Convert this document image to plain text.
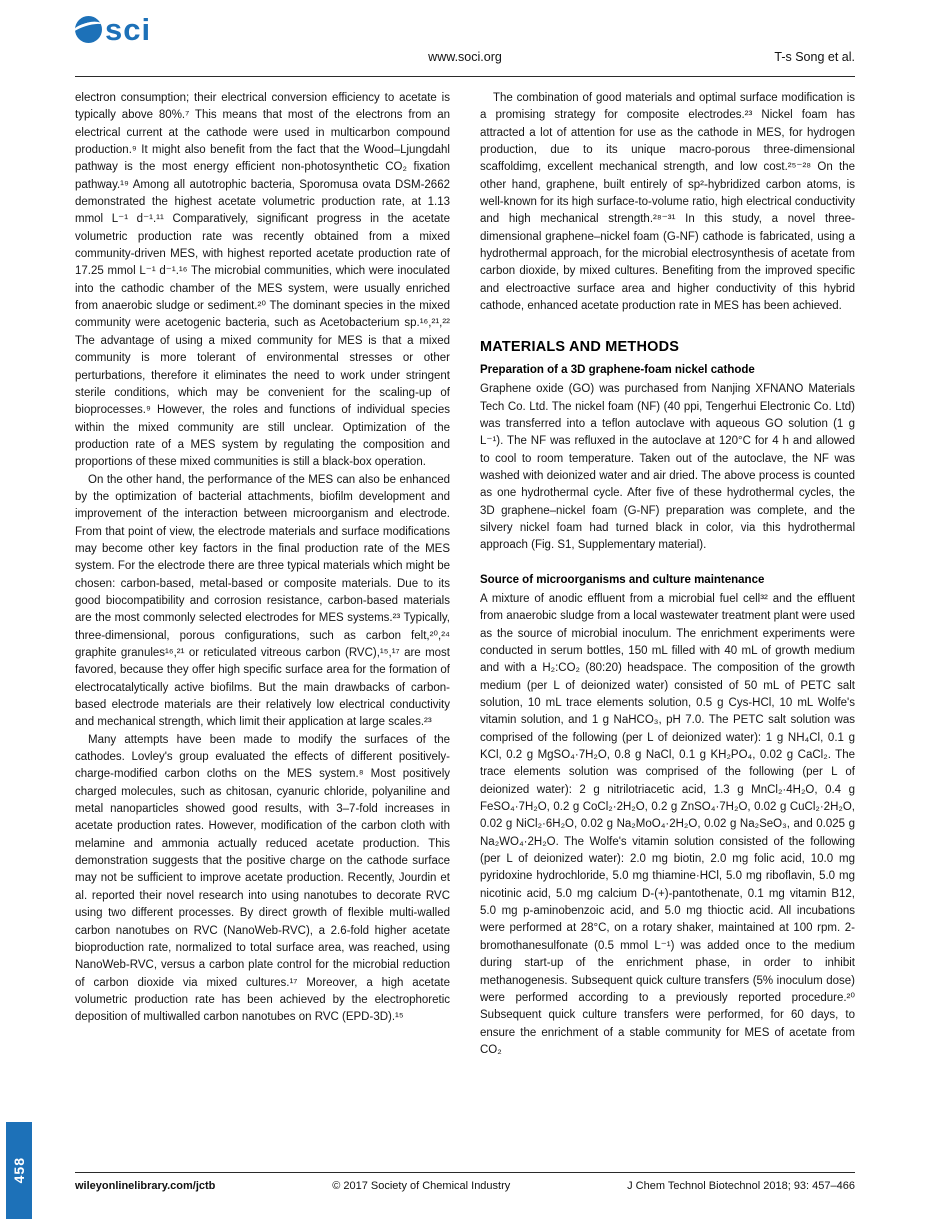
sci
www.soci.org	T-s Song et al.

electron consumption; their electrical conversion efficiency to acetate is typically above 80%.⁷ This means that most of the electrons from an electrical current at the cathode were used in multicarbon compound production.⁹ It might also benefit from the fact that the Wood–Ljungdahl pathway is the most energy efficient non-photosynthetic CO₂ fixation pathway.¹⁹ Among all autotrophic bacteria, Sporomusa ovata DSM-2662 demonstrated the highest acetate volumetric production rate, at 1.13 mmol L⁻¹ d⁻¹.¹¹ Comparatively, significant progress in the acetate volumetric production rate was recently obtained from a mixed community-driven MES, with highest reported acetate production rate of 17.25 mmol L⁻¹ d⁻¹.¹⁶ The microbial communities, which were inoculated into the cathodic chamber of the MES system, were usually enriched from anaerobic sludge or sediment.²⁰ The dominant species in the mixed community were acetogenic bacteria, such as Acetobacterium sp.¹⁶,²¹,²² The advantage of using a mixed community for MES is that a mixed community is more tolerant of environmental stresses or other perturbations, therefore it eliminates the need to work under stringent sterile conditions, which may be convenient for the scaling-up of bioprocesses.⁹ However, the roles and functions of individual species within the mixed community are still unclear. Optimization of the production rate of a MES system by regulating the composition and proportions of these mixed communities is still a black-box operation.

On the other hand, the performance of the MES can also be enhanced by the optimization of bacterial attachments, biofilm development and improvement of the interaction between microorganism and electrode. From that point of view, the electrode materials and surface modifications may become other key factors in the final production rate of the MES system. For the electrode there are three typical materials which might be chosen: carbon-based, metal-based or composite materials. Due to its good biocompatibility and corrosion resistance, carbon-based materials are the most commonly selected electrodes for MES systems.²³ Typically, three-dimensional, porous configurations, such as carbon felt,²⁰,²⁴ graphite granules¹⁶,²¹ or reticulated vitreous carbon (RVC),¹⁵,¹⁷ are most favored, because they offer high specific surface area for the formation of electrocatalytically active biofilms. But the main drawbacks of carbon-based electrode materials are their relatively low electrical conductivity and mechanical strength, which limit their application at large scales.²³

Many attempts have been made to modify the surfaces of the cathodes. Lovley's group evaluated the effects of different positively-charge-modified carbon cloths on the MES system.⁸ Most positively charged molecules, such as chitosan, cyanuric chloride, polyaniline and metal nanoparticles showed good results, with 3–7-fold increases in acetate production rates. However, modification of the carbon cloth with melamine and ammonia actually reduced acetate production. This demonstration suggests that the positive charge on the cathode surface may not be sufficient to improve acetate production. Recently, Jourdin et al. reported their novel research into using nanotubes to decorate RVC using two different processes. By direct growth of flexible multi-walled carbon nanotubes on RVC (NanoWeb-RVC), a 2.6-fold higher acetate bioproduction rate, normalized to total surface area, was reached, using NanoWeb-RVC, versus a carbon plate control for the microbial reduction of carbon dioxide via mixed cultures.¹⁷ Moreover, a high acetate volumetric production rate has been achieved by the electrophoretic deposition of multiwalled carbon nanotubes on RVC (EPD-3D).¹⁵

The combination of good materials and optimal surface modification is a promising strategy for composite electrodes.²³ Nickel foam has attracted a lot of attention for use as the cathode in MES, for hydrogen production, due to its unique macro-porous three-dimensional scaffoldimg, excellent mechanical strength, and low cost.²⁵⁻²⁸ On the other hand, graphene, built entirely of sp²-hybridized carbon atoms, is well-known for its high surface-to-volume ratio, high electrical conductivity and high mechanical strength.²⁸⁻³¹ In this study, a novel three-dimensional graphene–nickel foam (G-NF) cathode is fabricated, using a hydrothermal approach, for the microbial electrosynthesis of acetate from carbon dioxide, by mixed cultures. Benefiting from the improved specific and electroactive surface area and higher conductivity of this hybrid cathode, enhanced acetate production rate in MES has been achieved.

MATERIALS AND METHODS
Preparation of a 3D graphene-foam nickel cathode

Graphene oxide (GO) was purchased from Nanjing XFNANO Materials Tech Co. Ltd. The nickel foam (NF) (40 ppi, Tengerhui Electronic Co. Ltd) was transferred into a teflon autoclave with aqueous GO solution (1 g L⁻¹). The NF was refluxed in the autoclave at 120°C for 4 h and allowed to cool to room temperature. Taken out of the autoclave, the NF was washed with deionized water and air dried. The above process is counted as one hydrothermal cycle. After five of these hydrothermal cycles, the 3D graphene–nickel foam (G-NF) preparation was complete, and the silvery nickel foam had turned black in color, via this hydrothermal approach (Fig. S1, Supplementary material).

Source of microorganisms and culture maintenance

A mixture of anodic effluent from a microbial fuel cell³² and the effluent from anaerobic sludge from a local wastewater treatment plant were used as the source of microbial inoculum. The enrichment experiments were conducted in serum bottles, 150 mL filled with 40 mL of growth medium and with a H₂:CO₂ (80:20) headspace. The composition of the growth medium (per L of deionized water) consisted of 50 mL of PETC salt solution, 10 mL trace elements solution, 0.5 g Cys-HCl, 10 mL Wolfe's vitamin solution, and 1 g NaHCO₃, pH 7.0. The PETC salt solution was comprised of the following (per L of deionized water): 1 g NH₄Cl, 0.1 g KCl, 0.2 g MgSO₄·7H₂O, 0.8 g NaCl, 0.1 g KH₂PO₄, 0.02 g CaCl₂. The trace elements solution was comprised of the following (per L of deionized water): 2 g nitrilotriacetic acid, 1.3 g MnCl₂·4H₂O, 0.4 g FeSO₄·7H₂O, 0.2 g CoCl₂·2H₂O, 0.2 g ZnSO₄·7H₂O, 0.02 g CuCl₂·2H₂O, 0.02 g NiCl₂·6H₂O, 0.02 g Na₂MoO₄·2H₂O, 0.02 g Na₂SeO₃, and 0.025 g Na₂WO₄·2H₂O. The Wolfe's vitamin solution consisted of the following (per L of deionized water): 2.0 mg biotin, 2.0 mg folic acid, 10.0 mg pyridoxine hydrochloride, 5.0 mg thiamine·HCl, 5.0 mg riboflavin, 5.0 mg nicotinic acid, 5.0 mg calcium D-(+)-pantothenate, 0.1 mg vitamin B12, 5.0 mg p-aminobenzoic acid, and 5.0 mg thioctic acid. All incubations were performed at 28°C, on a rotary shaker, maintained at 100 rpm. 2-bromothanesulfonate (0.5 mmol L⁻¹) was added once to the medium during start-up of the enrichment phase, in order to inhibit methanogenesis. Subsequent quick culture transfers (5% inoculum dose) were performed according to a previously reported procedure.²⁰ Subsequent quick culture transfers were performed, for 60 days, to ensure the enrichment of a stable community for MES of acetate from CO₂

458
wileyonlinelibrary.com/jctb	© 2017 Society of Chemical Industry	J Chem Technol Biotechnol 2018; 93: 457–466
